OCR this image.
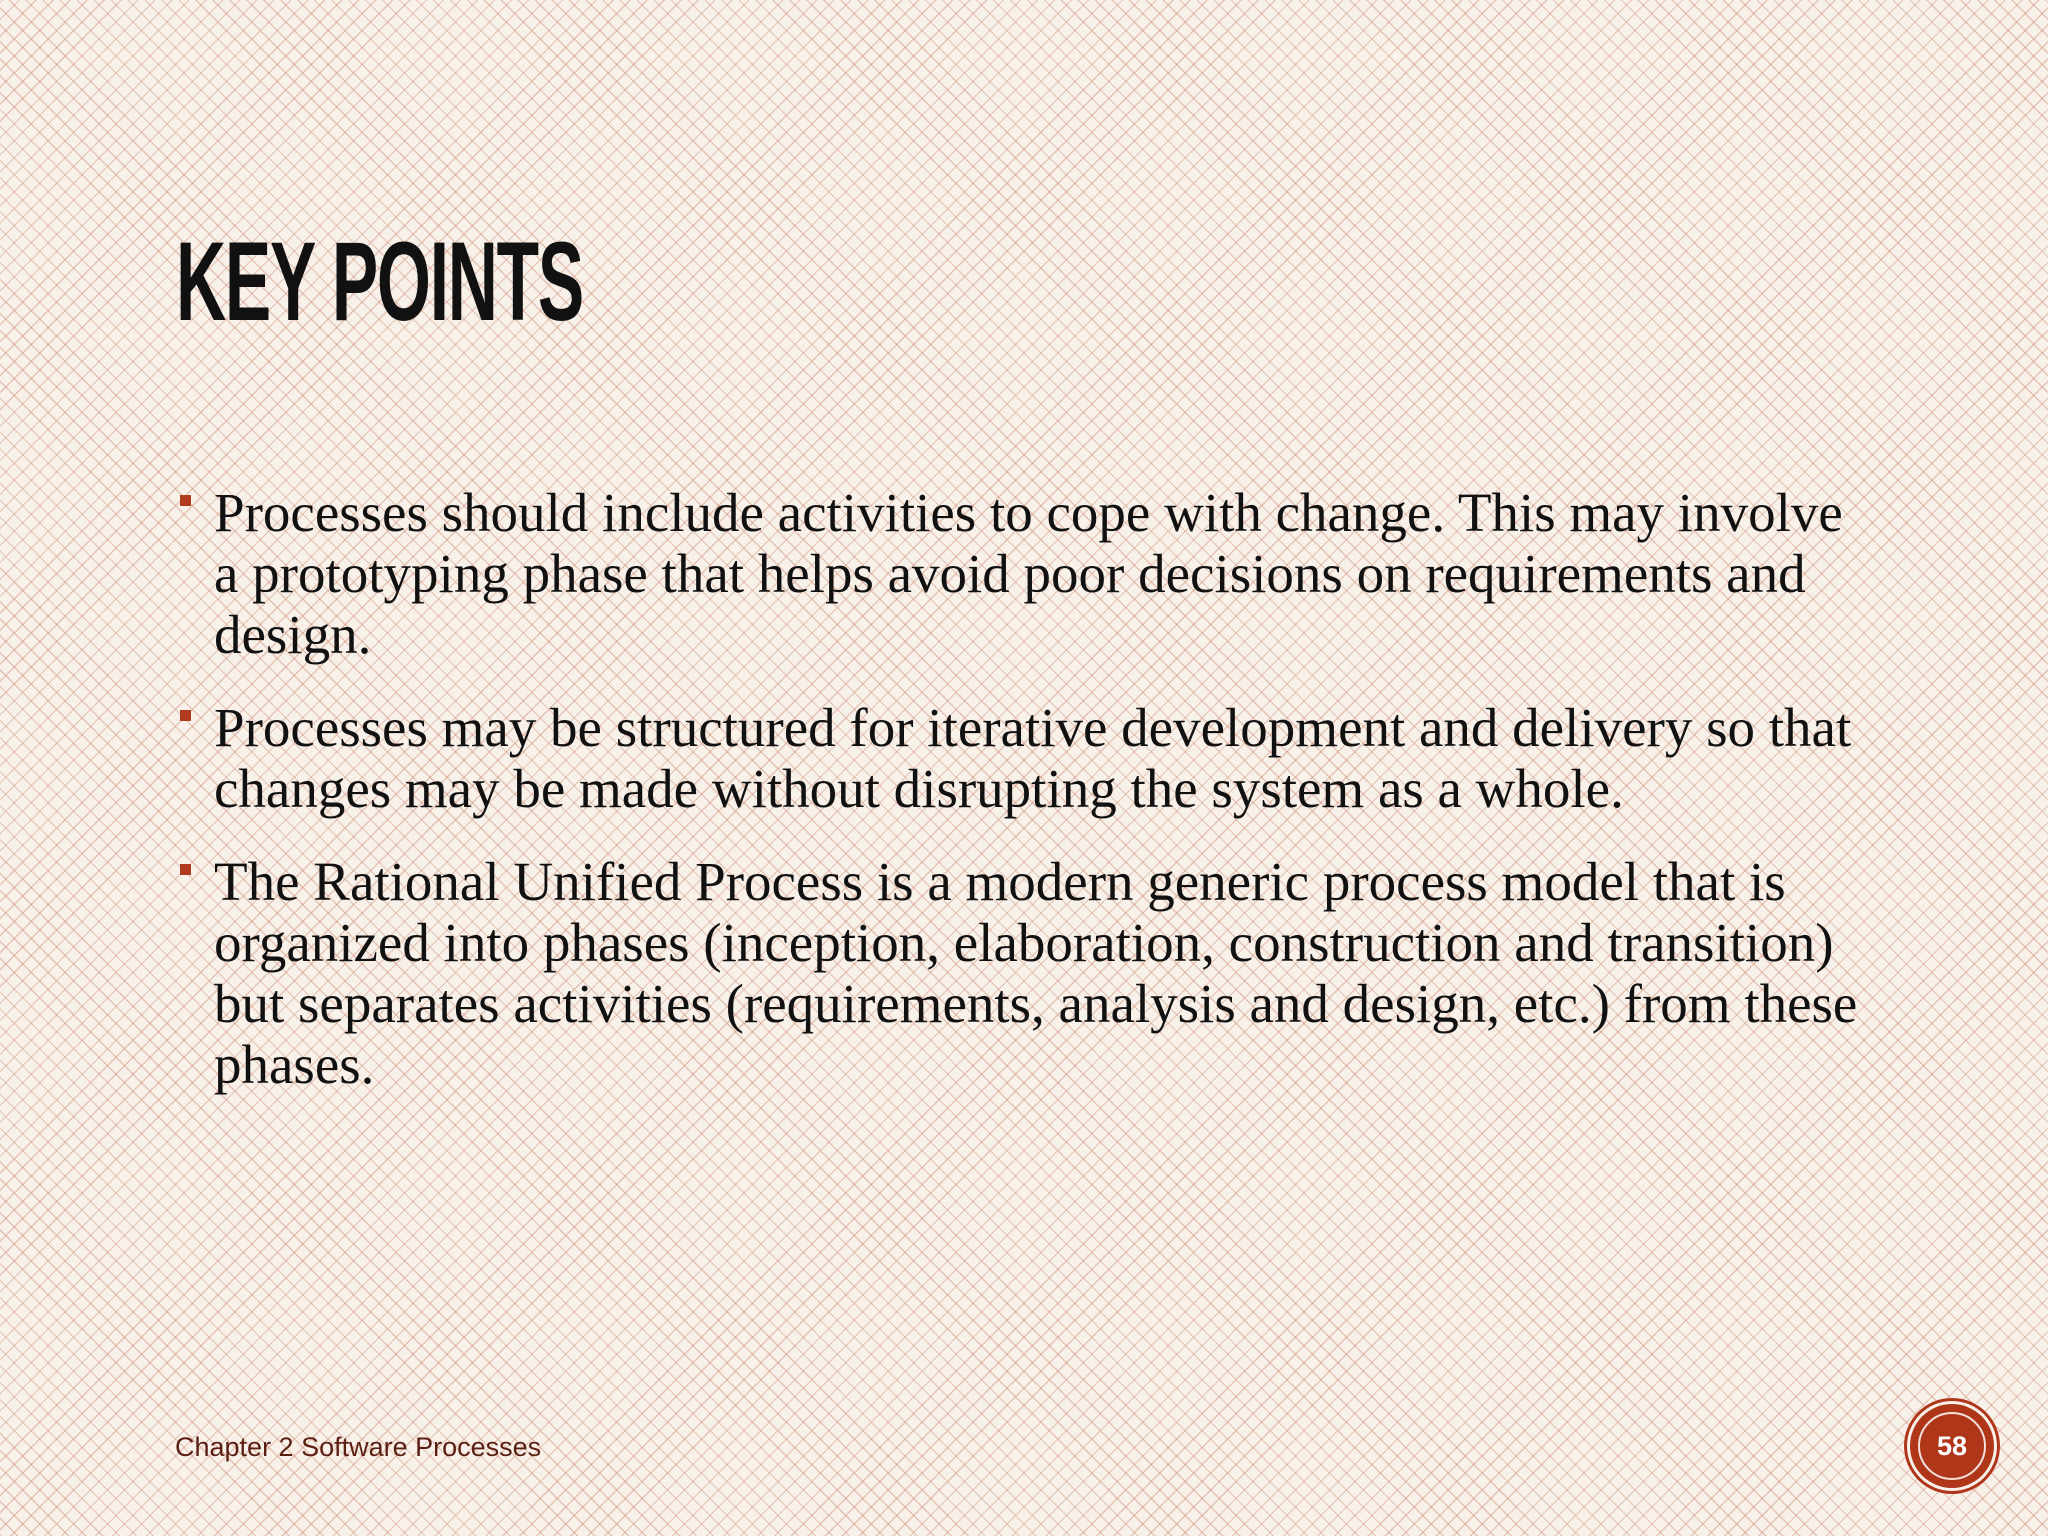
KEY POINTS
Processes should include activities to cope with change. This may involve a prototyping phase that helps avoid poor decisions on requirements and design.
Processes may be structured for iterative development and delivery so that changes may be made without disrupting the system as a whole.
The Rational Unified Process is a modern generic process model that is organized into phases (inception, elaboration, construction and transition) but separates activities (requirements, analysis and design, etc.) from these phases.
Chapter 2 Software Processes	58
